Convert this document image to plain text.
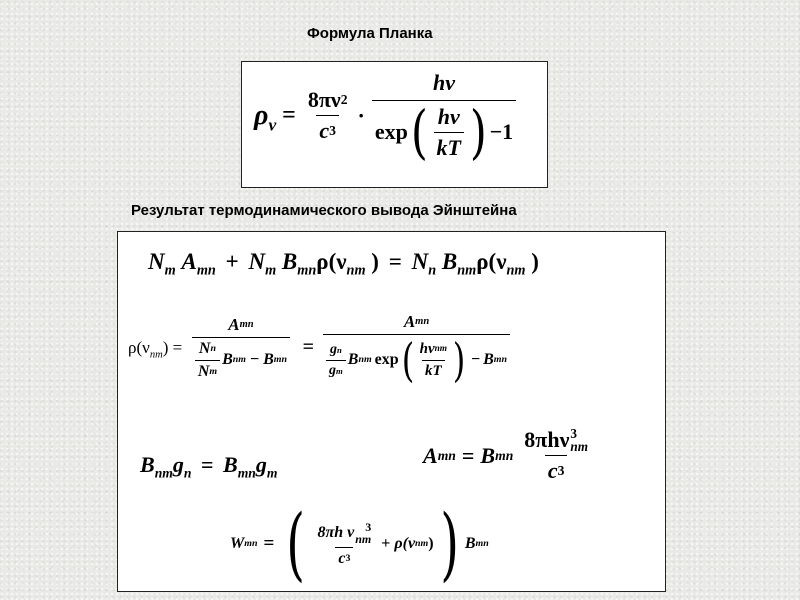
Формула Планка
$\rho_\nu = \frac{8\pi\nu 2}{c 3}$ ·
hν
exp ( $\frac{h\nu}{kT}$ ) −1
Результат термодинамического вывода Эйнштейна
$N_m$ $A_{mn} + N_m$ $B_{mn}\rho(\nu_{nm}$ ) = $N_n$ $B_{nm}\rho(\nu_{nm}$ )
$\rho(\nu_{nm}) = \frac{\text{A mn}}{\frac{\text{N n}}{\text{N m}} B nm - B mn}$ =
A mn
$\frac{\text{g n}}{\text{g m}}$ B nm exp ( $\frac{\text{hν nm}}{kT}$ ) − B mn
$B_{nm}g_n = B_{mn}g_m$
A mn = B mn 8πhν 3
nm
c 3
W mn = ( 8πh ν 3
nm
c 3 + ρ(ν nm ) ) B mn
